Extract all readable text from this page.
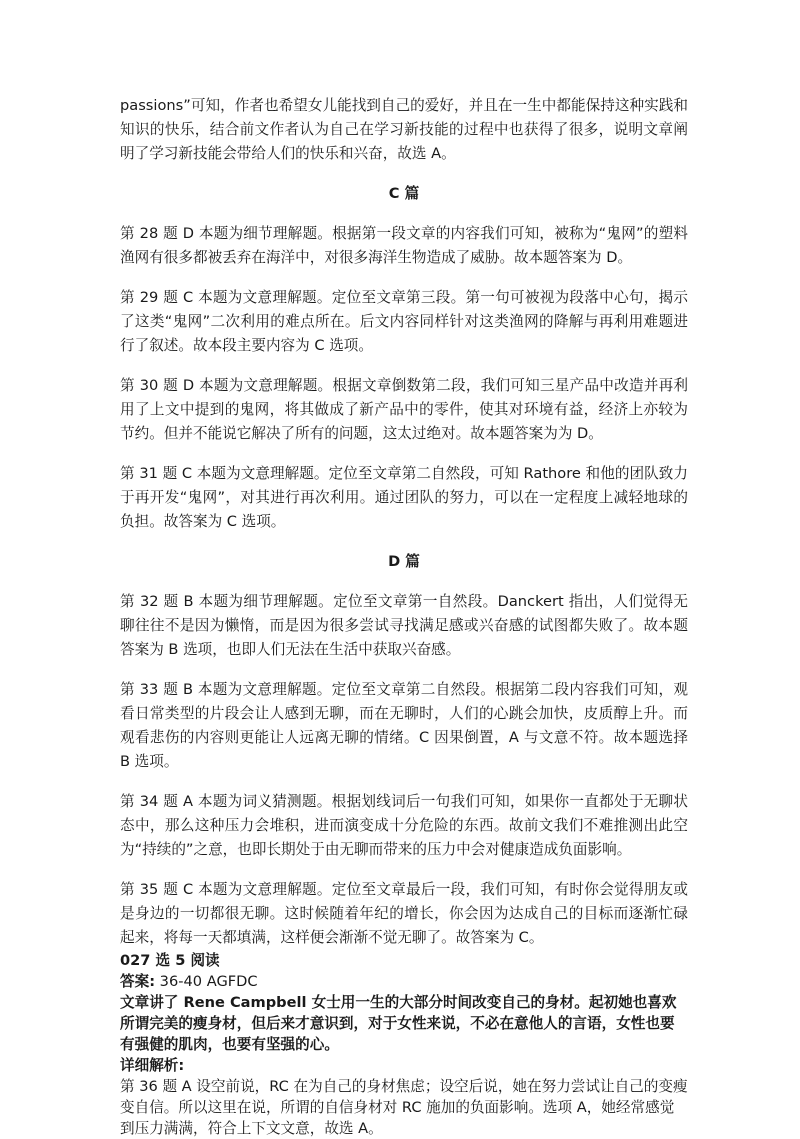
passions”可知，作者也希望女儿能找到自己的爱好，并且在一生中都能保持这种实践和知识的快乐，结合前文作者认为自己在学习新技能的过程中也获得了很多，说明文章阐明了学习新技能会带给人们的快乐和兴奋，故选 A。

C 篇

第 28 题 D 本题为细节理解题。根据第一段文章的内容我们可知，被称为“鬼网”的塑料渔网有很多都被丢弃在海洋中，对很多海洋生物造成了威胁。故本题答案为 D。

第 29 题 C 本题为文意理解题。定位至文章第三段。第一句可被视为段落中心句，揭示了这类“鬼网”二次利用的难点所在。后文内容同样针对这类渔网的降解与再利用难题进行了叙述。故本段主要内容为 C 选项。

第 30 题 D 本题为文意理解题。根据文章倒数第二段，我们可知三星产品中改造并再利用了上文中提到的鬼网，将其做成了新产品中的零件，使其对环境有益，经济上亦较为节约。但并不能说它解决了所有的问题，这太过绝对。故本题答案为为 D。

第 31 题 C 本题为文意理解题。定位至文章第二自然段，可知 Rathore 和他的团队致力于再开发“鬼网”，对其进行再次利用。通过团队的努力，可以在一定程度上减轻地球的负担。故答案为 C 选项。

D 篇

第 32 题 B 本题为细节理解题。定位至文章第一自然段。Danckert 指出，人们觉得无聊往往不是因为懒惰，而是因为很多尝试寻找满足感或兴奋感的试图都失败了。故本题答案为 B 选项，也即人们无法在生活中获取兴奋感。

第 33 题 B 本题为文意理解题。定位至文章第二自然段。根据第二段内容我们可知，观看日常类型的片段会让人感到无聊，而在无聊时，人们的心跳会加快，皮质醇上升。而观看悲伤的内容则更能让人远离无聊的情绪。C 因果倒置，A 与文意不符。故本题选择 B 选项。

第 34 题 A 本题为词义猜测题。根据划线词后一句我们可知，如果你一直都处于无聊状态中，那么这种压力会堆积，进而演变成十分危险的东西。故前文我们不难推测出此空为“持续的”之意，也即长期处于由无聊而带来的压力中会对健康造成负面影响。

第 35 题 C 本题为文意理解题。定位至文章最后一段，我们可知，有时你会觉得朋友或是身边的一切都很无聊。这时候随着年纪的增长，你会因为达成自己的目标而逐渐忙碌起来，将每一天都填满，这样便会渐渐不觉无聊了。故答案为 C。

027 选 5 阅读

答案: 36-40 AGFDC

文章讲了 Rene Campbell 女士用一生的大部分时间改变自己的身材。起初她也喜欢所谓完美的瘦身材，但后来才意识到，对于女性来说，不必在意他人的言语，女性也要有强健的肌肉，也要有坚强的心。

详细解析:

第 36 题 A 设空前说，RC 在为自己的身材焦虑；设空后说，她在努力尝试让自己的变瘦变自信。所以这里在说，所谓的自信身材对 RC 施加的负面影响。选项 A，她经常感觉到压力满满，符合上下文文意，故选 A。
